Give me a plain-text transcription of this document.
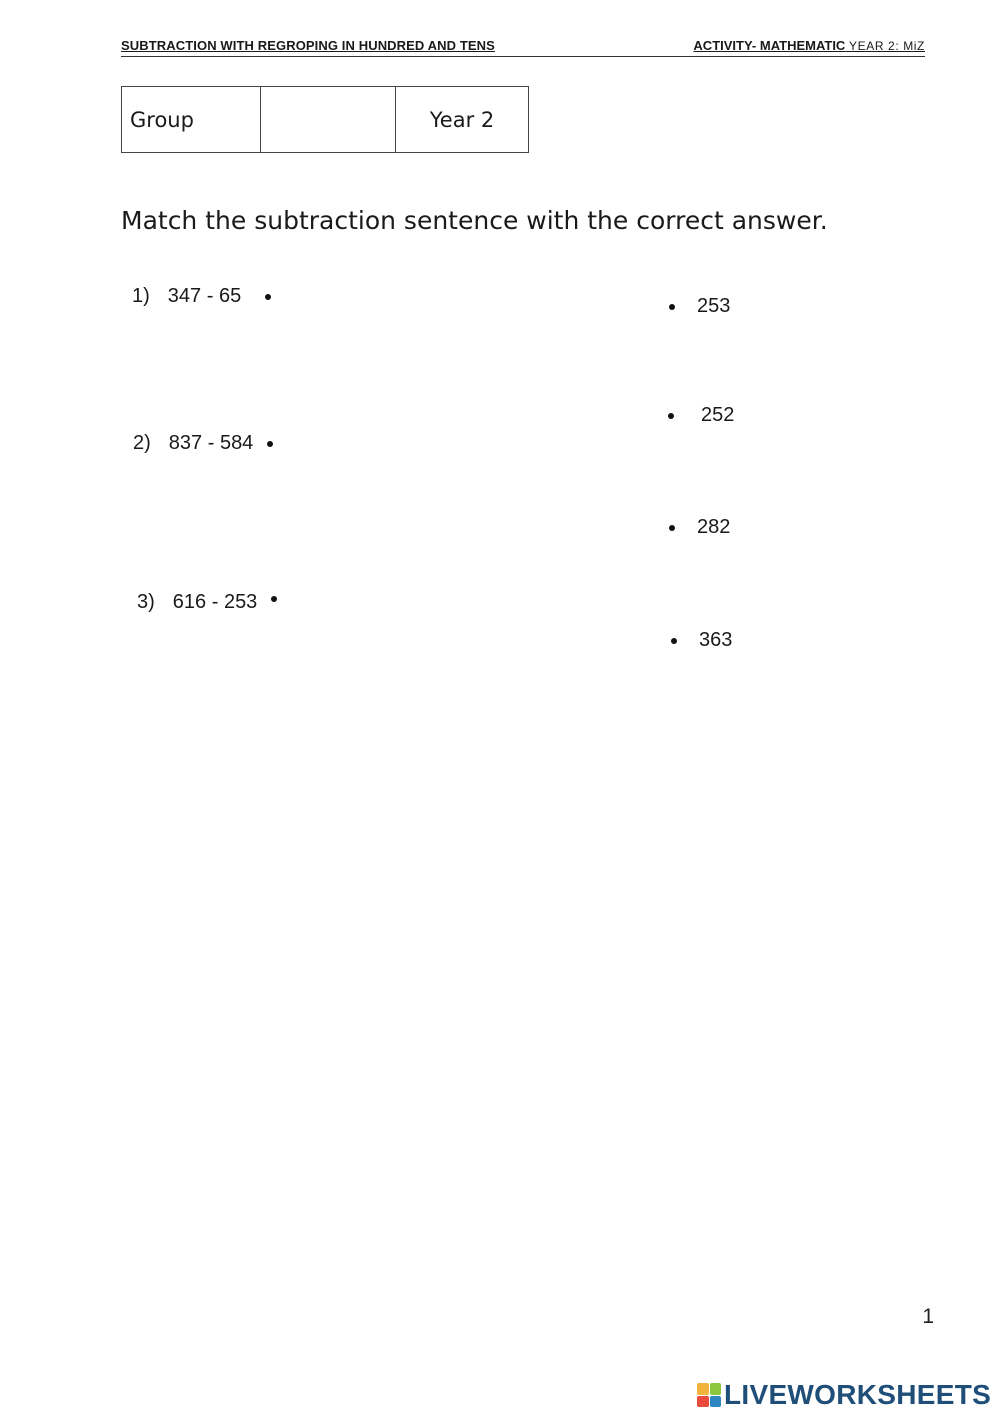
SUBTRACTION WITH REGROPING IN HUNDRED AND TENS	ACTIVITY- MATHEMATIC YEAR 2: MiZ
Group		Year 2
Match the subtraction sentence with the correct answer.
1) 347 - 65
2) 837 - 584
3) 616 - 253
253
252
282
363
1
LIVEWORKSHEETS
